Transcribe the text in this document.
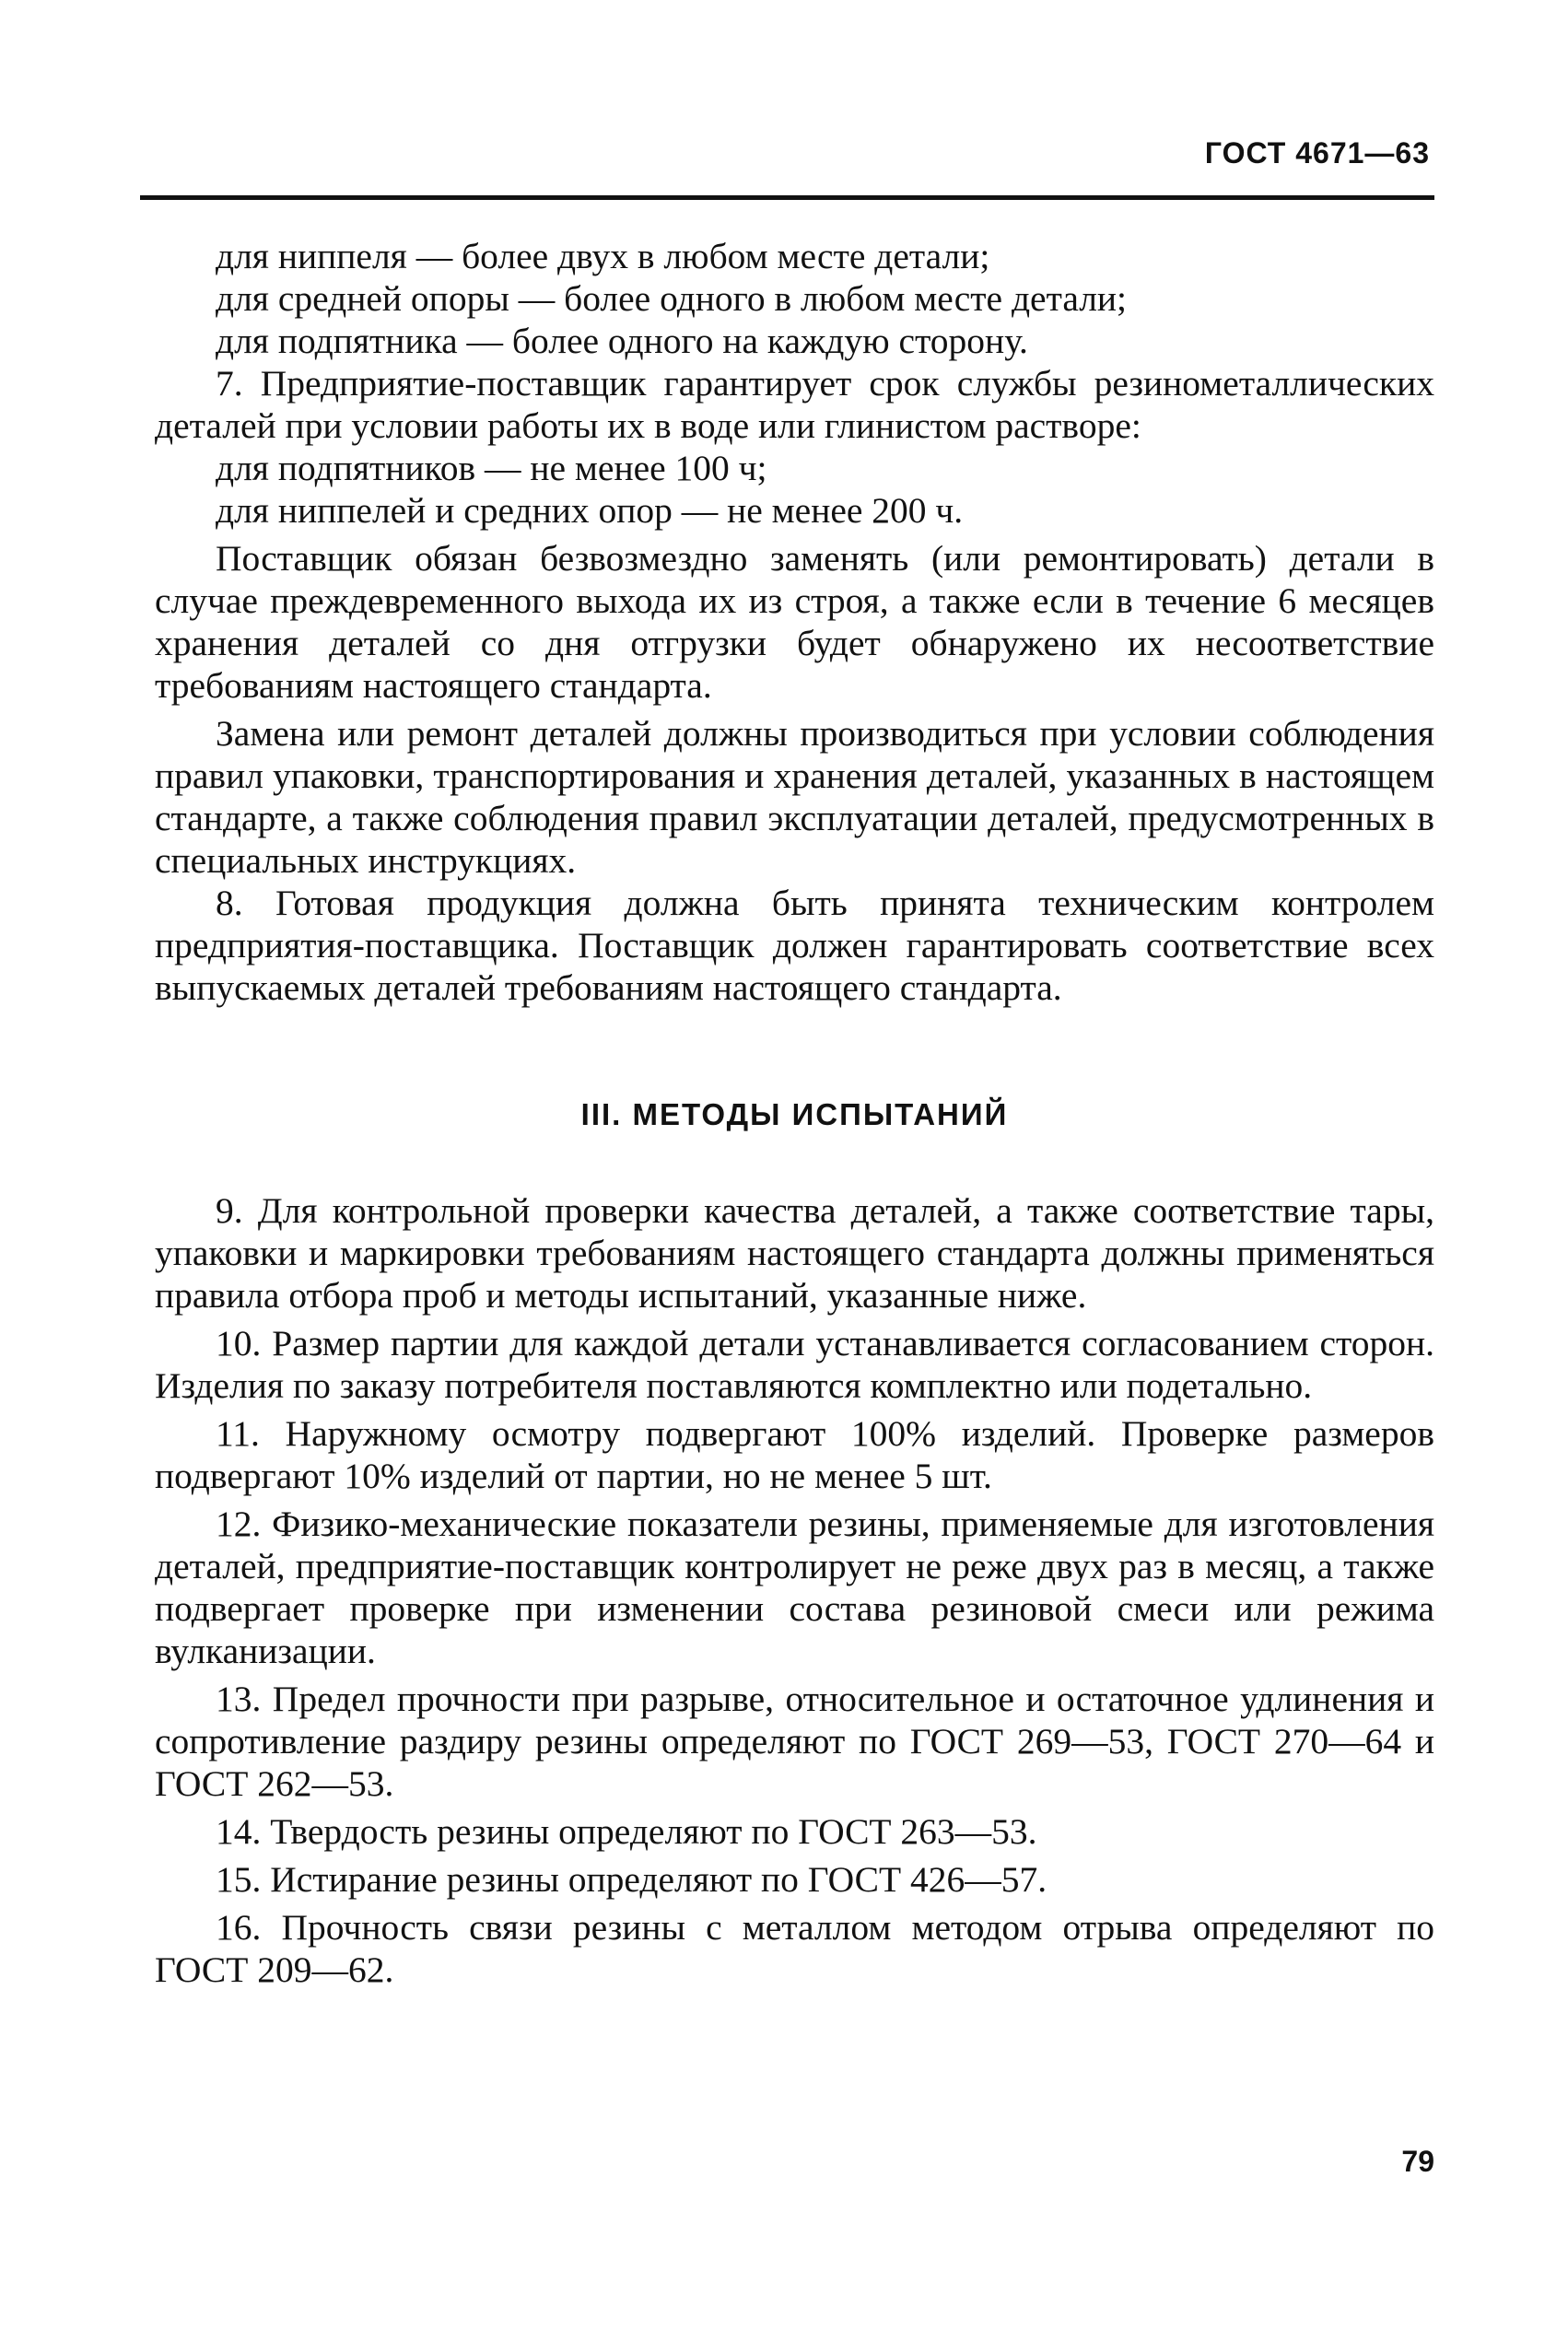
ГОСТ 4671—63

для ниппеля — более двух в любом месте детали;

для средней опоры — более одного в любом месте детали;

для подпятника — более одного на каждую сторону.

7. Предприятие-поставщик гарантирует срок службы резинометаллических деталей при условии работы их в воде или глинистом растворе:

для подпятников — не менее 100 ч;

для ниппелей и средних опор — не менее 200 ч.

Поставщик обязан безвозмездно заменять (или ремонтировать) детали в случае преждевременного выхода их из строя, а также если в течение 6 месяцев хранения деталей со дня отгрузки будет обнаружено их несоответствие требованиям настоящего стандарта.

Замена или ремонт деталей должны производиться при условии соблюдения правил упаковки, транспортирования и хранения деталей, указанных в настоящем стандарте, а также соблюдения правил эксплуатации деталей, предусмотренных в специальных инструкциях.

8. Готовая продукция должна быть принята техническим контролем предприятия-поставщика. Поставщик должен гарантировать соответствие всех выпускаемых деталей требованиям настоящего стандарта.

III. МЕТОДЫ ИСПЫТАНИЙ

9. Для контрольной проверки качества деталей, а также соответствие тары, упаковки и маркировки требованиям настоящего стандарта должны применяться правила отбора проб и методы испытаний, указанные ниже.

10. Размер партии для каждой детали устанавливается согласованием сторон. Изделия по заказу потребителя поставляются комплектно или подетально.

11. Наружному осмотру подвергают 100% изделий. Проверке размеров подвергают 10% изделий от партии, но не менее 5 шт.

12. Физико-механические показатели резины, применяемые для изготовления деталей, предприятие-поставщик контролирует не реже двух раз в месяц, а также подвергает проверке при изменении состава резиновой смеси или режима вулканизации.

13. Предел прочности при разрыве, относительное и остаточное удлинения и сопротивление раздиру резины определяют по ГОСТ 269—53, ГОСТ 270—64 и ГОСТ 262—53.

14. Твердость резины определяют по ГОСТ 263—53.

15. Истирание резины определяют по ГОСТ 426—57.

16. Прочность связи резины с металлом методом отрыва определяют по ГОСТ 209—62.

79
